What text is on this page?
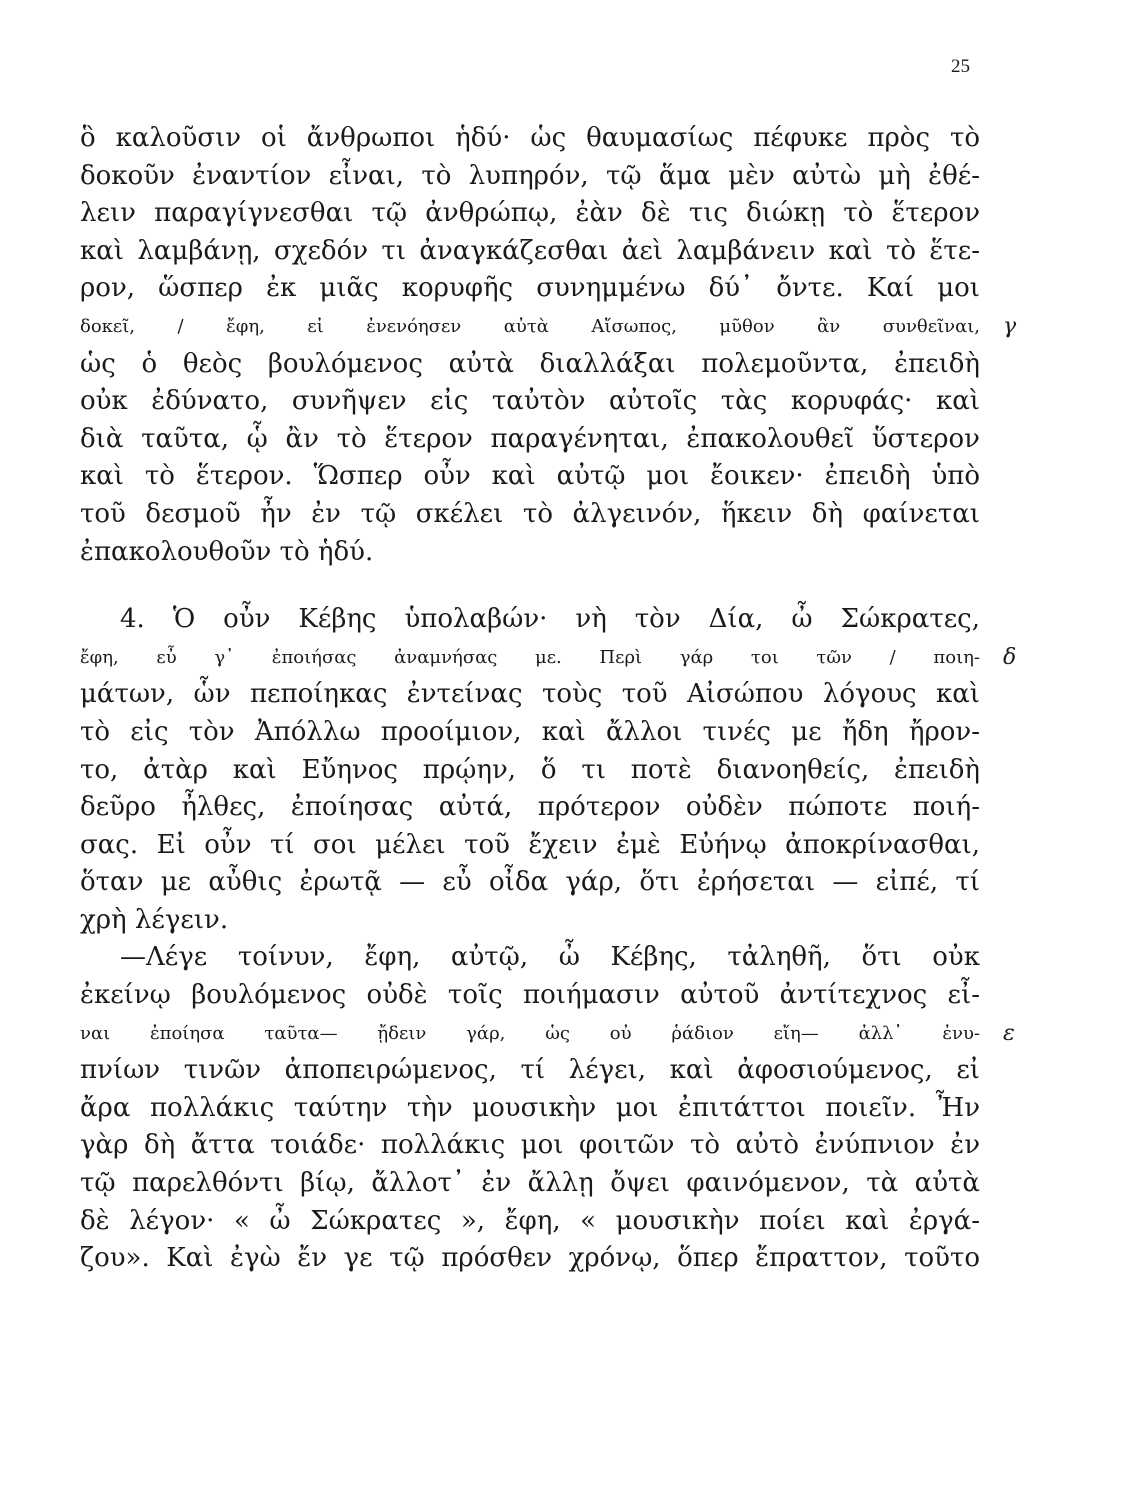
25
ὃ καλοῦσιν οἱ ἄνθρωποι ἡδύ· ὡς θαυμασίως πέφυκε πρὸς τὸ
δοκοῦν ἐναντίον εἶναι, τὸ λυπηρόν, τῷ ἅμα μὲν αὐτὼ μὴ ἐθέ-
λειν παραγίγνεσθαι τῷ ἀνθρώπῳ, ἐὰν δὲ τις διώκῃ τὸ ἕτερον
καὶ λαμβάνῃ, σχεδόν τι ἀναγκάζεσθαι ἀεὶ λαμβάνειν καὶ τὸ ἕτε-
ρον, ὥσπερ ἐκ μιᾶς κορυφῆς συνημμένω δύ᾽ ὄντε. Καί μοι
δοκεῖ, / ἔφη, εἰ ἐνενόησεν αὐτὰ Αἴσωπος, μῦθον ἂν συνθεῖναι, γ
ὡς ὁ θεὸς βουλόμενος αὐτὰ διαλλάξαι πολεμοῦντα, ἐπειδὴ
οὐκ ἐδύνατο, συνῆψεν εἰς ταὐτὸν αὐτοῖς τὰς κορυφάς· καὶ
διὰ ταῦτα, ᾧ ἂν τὸ ἕτερον παραγένηται, ἐπακολουθεῖ ὕστερον
καὶ τὸ ἕτερον. Ὥσπερ οὖν καὶ αὐτῷ μοι ἔοικεν· ἐπειδὴ ὑπὸ
τοῦ δεσμοῦ ἦν ἐν τῷ σκέλει τὸ ἀλγεινόν, ἥκειν δὴ φαίνεται
ἐπακολουθοῦν τὸ ἡδύ.
4. Ὁ οὖν Κέβης ὑπολαβών· νὴ τὸν Δία, ὦ Σώκρατες,
ἔφη, εὖ γ᾽ ἐποιήσας ἀναμνήσας με. Περὶ γάρ τοι τῶν / ποιη- δ
μάτων, ὧν πεποίηκας ἐντείνας τοὺς τοῦ Αἰσώπου λόγους καὶ
τὸ εἰς τὸν Ἀπόλλω προοίμιον, καὶ ἄλλοι τινές με ἤδη ἤρον-
το, ἀτὰρ καὶ Εὔηνος πρῴην, ὅ τι ποτὲ διανοηθείς, ἐπειδὴ
δεῦρο ἦλθες, ἐποίησας αὐτά, πρότερον οὐδὲν πώποτε ποιή-
σας. Εἰ οὖν τί σοι μέλει τοῦ ἔχειν ἐμὲ Εὐήνῳ ἀποκρίνασθαι,
ὅταν με αὖθις ἐρωτᾷ — εὖ οἶδα γάρ, ὅτι ἐρήσεται — εἰπέ, τί
χρὴ λέγειν.
—Λέγε τοίνυν, ἔφη, αὐτῷ, ὦ Κέβης, τἀληθῆ, ὅτι οὐκ
ἐκείνῳ βουλόμενος οὐδὲ τοῖς ποιήμασιν αὐτοῦ ἀντίτεχνος εἶ-
ναι ἐποίησα ταῦτα— ᾔδειν γάρ, ὡς οὐ ῥάδιον εἴη— ἀλλ᾽ ἐνυ- ε
πνίων τινῶν ἀποπειρώμενος, τί λέγει, καὶ ἀφοσιούμενος, εἰ
ἄρα πολλάκις ταύτην τὴν μουσικὴν μοι ἐπιτάττοι ποιεῖν. Ἦν
γὰρ δὴ ἄττα τοιάδε· πολλάκις μοι φοιτῶν τὸ αὐτὸ ἐνύπνιον ἐν
τῷ παρελθόντι βίῳ, ἄλλοτ᾽ ἐν ἄλλῃ ὄψει φαινόμενον, τὰ αὐτὰ
δὲ λέγον· « ὦ Σώκρατες », ἔφη, « μουσικὴν ποίει καὶ ἐργά-
ζου». Καὶ ἐγὼ ἔν γε τῷ πρόσθεν χρόνῳ, ὅπερ ἔπραττον, τοῦτο
